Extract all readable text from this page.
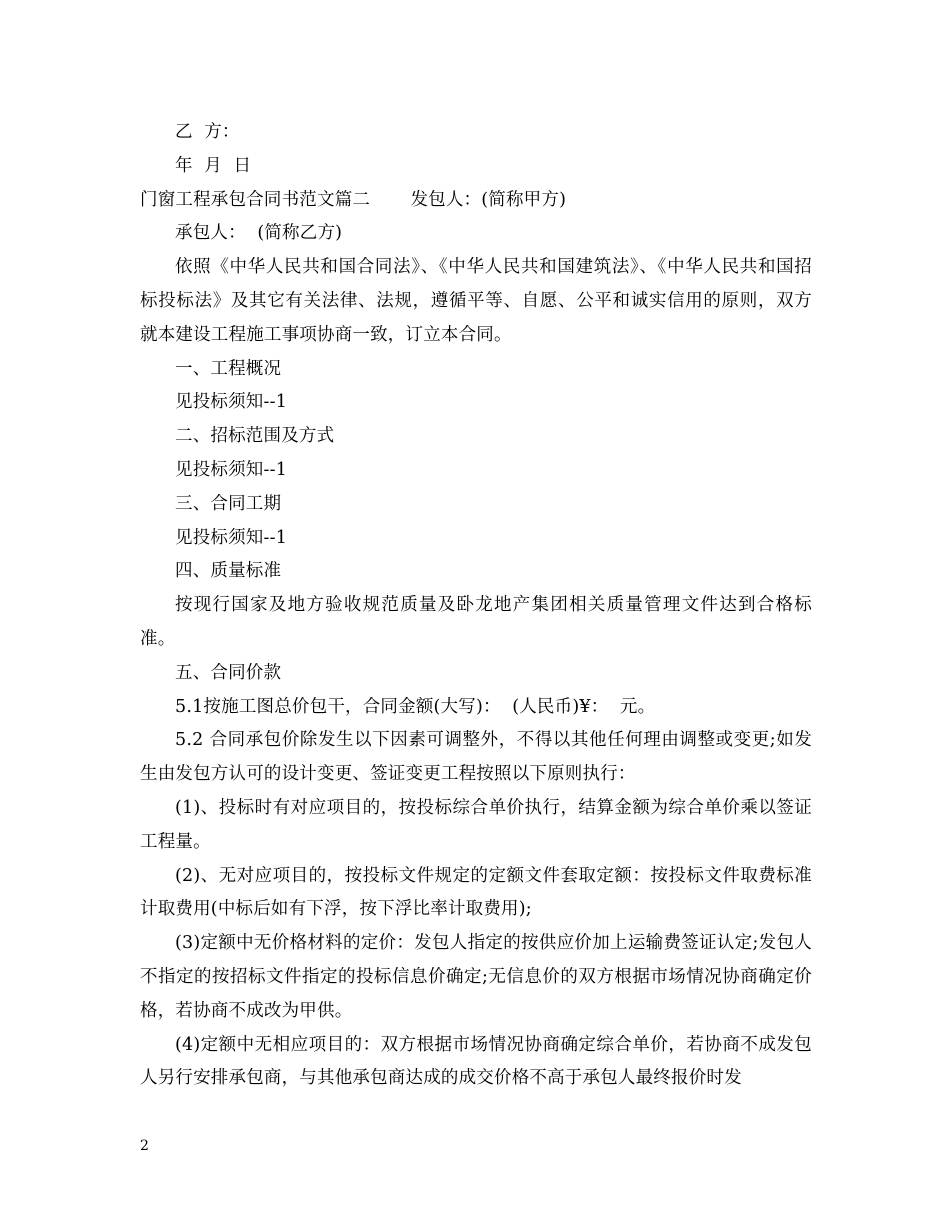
乙  方：

年  月  日

门窗工程承包合同书范文篇二       发包人：(简称甲方)

承包人：  (简称乙方)

依照《中华人民共和国合同法》、《中华人民共和国建筑法》、《中华人民共和国招标投标法》及其它有关法律、法规，遵循平等、自愿、公平和诚实信用的原则，双方就本建设工程施工事项协商一致，订立本合同。

一、工程概况

见投标须知--1

二、招标范围及方式

见投标须知--1

三、合同工期

见投标须知--1

四、质量标准

按现行国家及地方验收规范质量及卧龙地产集团相关质量管理文件达到合格标准。

五、合同价款

5.1按施工图总价包干，合同金额(大写)：  (人民币)¥：  元。

5.2 合同承包价除发生以下因素可调整外，不得以其他任何理由调整或变更;如发生由发包方认可的设计变更、签证变更工程按照以下原则执行：

(1)、投标时有对应项目的，按投标综合单价执行，结算金额为综合单价乘以签证工程量。

(2)、无对应项目的，按投标文件规定的定额文件套取定额：按投标文件取费标准计取费用(中标后如有下浮，按下浮比率计取费用);

(3)定额中无价格材料的定价：发包人指定的按供应价加上运输费签证认定;发包人不指定的按招标文件指定的投标信息价确定;无信息价的双方根据市场情况协商确定价格，若协商不成改为甲供。

(4)定额中无相应项目的：双方根据市场情况协商确定综合单价，若协商不成发包人另行安排承包商，与其他承包商达成的成交价格不高于承包人最终报价时发

2
